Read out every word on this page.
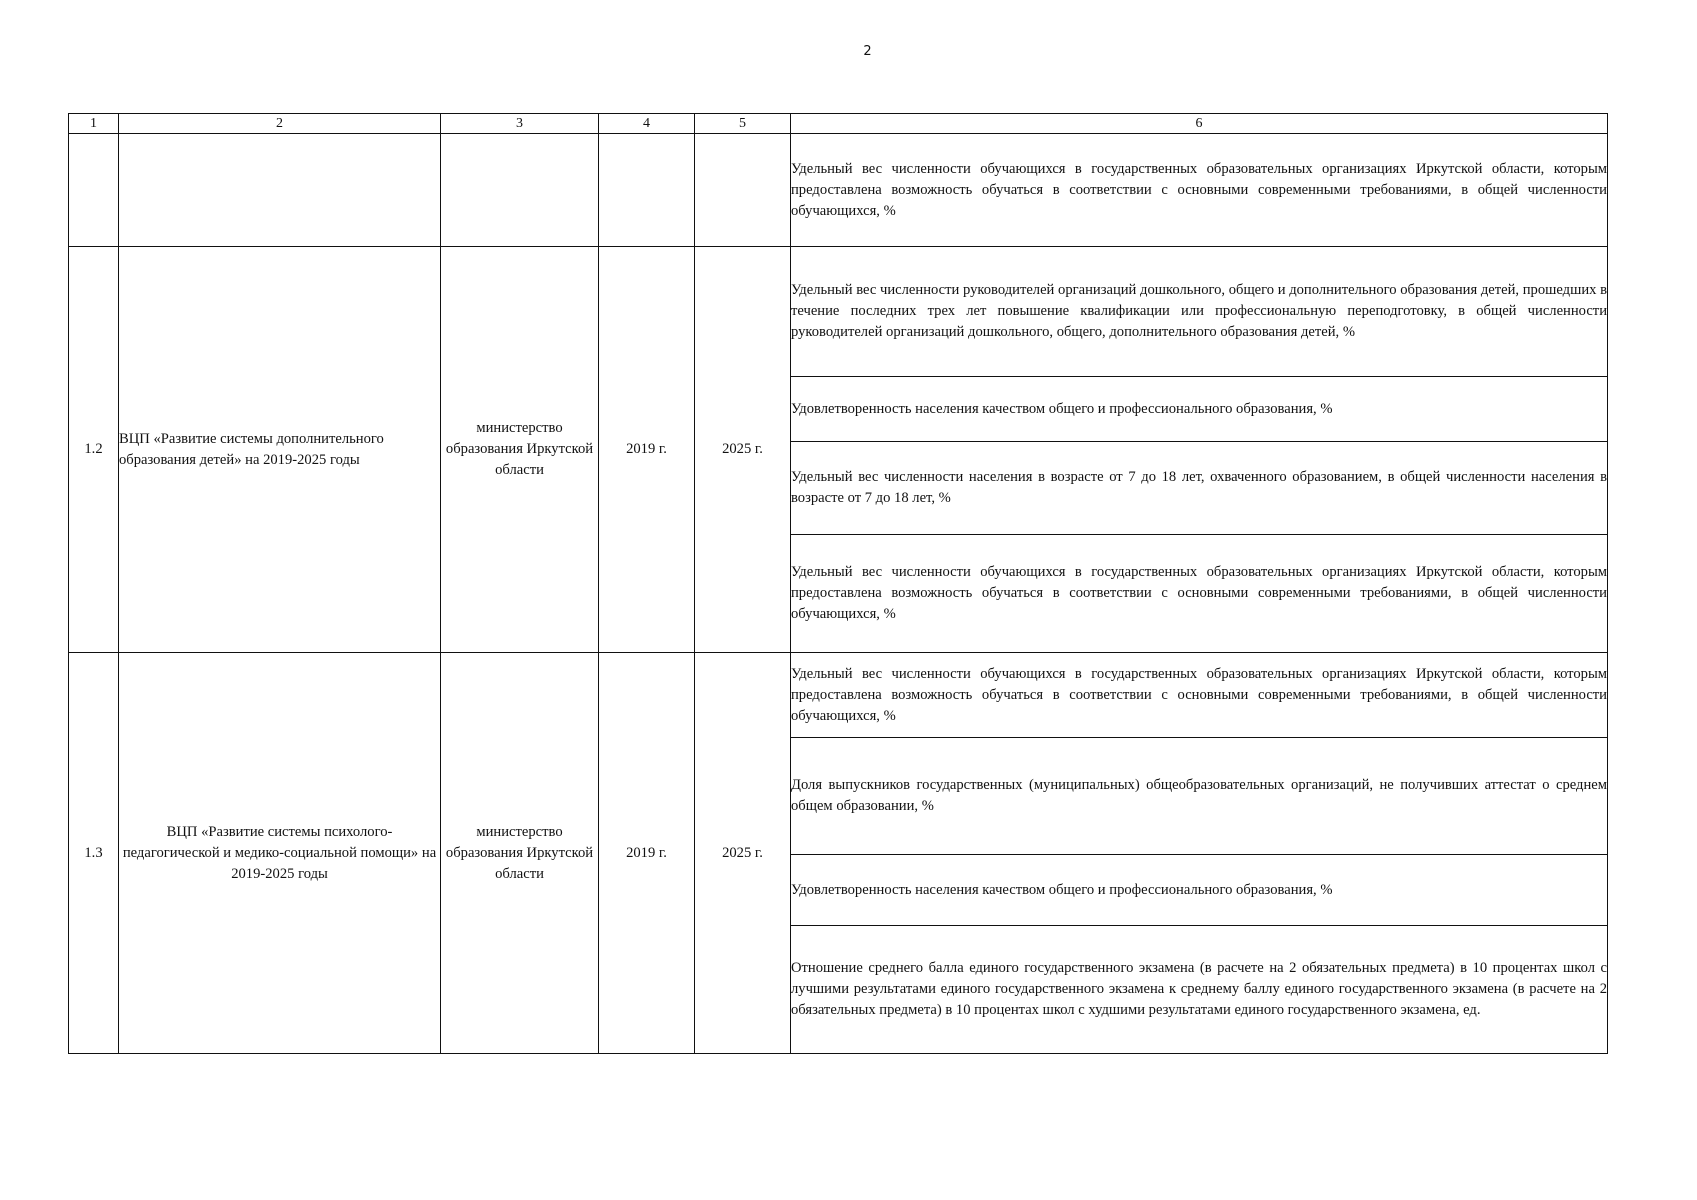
2
1	2	3	4	5	6
					Удельный вес численности обучающихся в государственных образовательных организациях Иркутской области, которым предоставлена возможность обучаться в соответствии с основными современными требованиями, в общей численности обучающихся, %
1.2	ВЦП «Развитие системы дополнительного образования детей» на 2019-2025 годы	министерство образования Иркутской области	2019 г.	2025 г.	Удельный вес численности руководителей организаций дошкольного, общего и дополнительного образования детей, прошедших в течение последних трех лет повышение квалификации или профессиональную переподготовку, в общей численности руководителей организаций дошкольного, общего, дополнительного образования детей, %
					Удовлетворенность населения качеством общего и профессионального образования, %
					Удельный вес численности населения в возрасте от 7 до 18 лет, охваченного образованием, в общей численности населения в возрасте от 7 до 18 лет, %
					Удельный вес численности обучающихся в государственных образовательных организациях Иркутской области, которым предоставлена возможность обучаться в соответствии с основными современными требованиями, в общей численности обучающихся, %
1.3	ВЦП «Развитие системы психолого-педагогической и медико-социальной помощи» на 2019-2025 годы	министерство образования Иркутской области	2019 г.	2025 г.	Удельный вес численности обучающихся в государственных образовательных организациях Иркутской области, которым предоставлена возможность обучаться в соответствии с основными современными требованиями, в общей численности обучающихся, %
					Доля выпускников государственных (муниципальных) общеобразовательных организаций, не получивших аттестат о среднем общем образовании, %
					Удовлетворенность населения качеством общего и профессионального образования, %
					Отношение среднего балла единого государственного экзамена (в расчете на 2 обязательных предмета) в 10 процентах школ с лучшими результатами единого государственного экзамена к среднему баллу единого государственного экзамена (в расчете на 2 обязательных предмета) в 10 процентах школ с худшими результатами единого государственного экзамена, ед.
